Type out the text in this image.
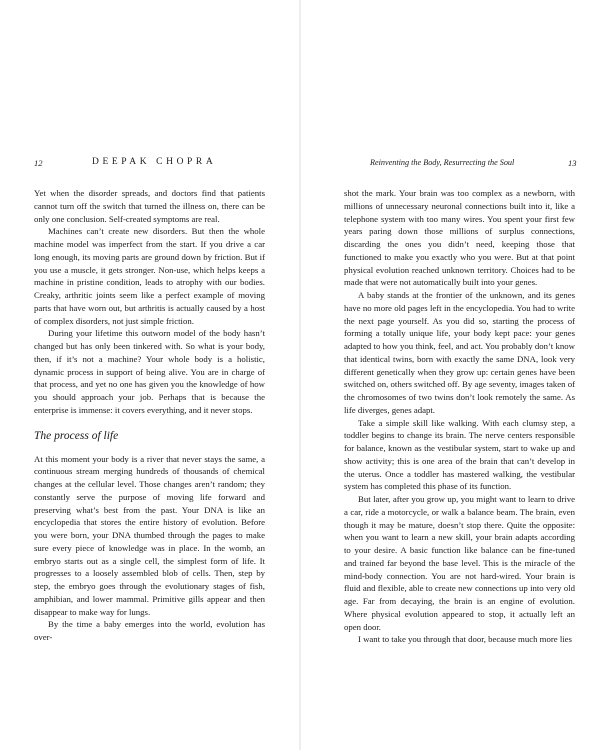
12	DEEPAK CHOPRA

Yet when the disorder spreads, and doctors find that patients cannot turn off the switch that turned the illness on, there can be only one conclusion. Self-created symptoms are real.

Machines can’t create new disorders. But then the whole machine model was imperfect from the start. If you drive a car long enough, its moving parts are ground down by friction. But if you use a muscle, it gets stronger. Non-use, which helps keeps a machine in pristine condition, leads to atrophy with our bodies. Creaky, arthritic joints seem like a perfect example of moving parts that have worn out, but arthritis is actually caused by a host of complex disorders, not just simple friction.

During your lifetime this outworn model of the body hasn’t changed but has only been tinkered with. So what is your body, then, if it’s not a machine? Your whole body is a holistic, dynamic process in support of being alive. You are in charge of that process, and yet no one has given you the knowledge of how you should approach your job. Perhaps that is because the enterprise is immense: it covers everything, and it never stops.

The process of life

At this moment your body is a river that never stays the same, a continuous stream merging hundreds of thousands of chemical changes at the cellular level. Those changes aren’t random; they constantly serve the purpose of moving life forward and preserving what’s best from the past. Your DNA is like an encyclopedia that stores the entire history of evolution. Before you were born, your DNA thumbed through the pages to make sure every piece of knowledge was in place. In the womb, an embryo starts out as a single cell, the simplest form of life. It progresses to a loosely assembled blob of cells. Then, step by step, the embryo goes through the evolutionary stages of fish, amphibian, and lower mammal. Primitive gills appear and then disappear to make way for lungs.

By the time a baby emerges into the world, evolution has over-

Reinventing the Body, Resurrecting the Soul	13

shot the mark. Your brain was too complex as a newborn, with millions of unnecessary neuronal connections built into it, like a telephone system with too many wires. You spent your first few years paring down those millions of surplus connections, discarding the ones you didn’t need, keeping those that functioned to make you exactly who you were. But at that point physical evolution reached unknown territory. Choices had to be made that were not automatically built into your genes.

A baby stands at the frontier of the unknown, and its genes have no more old pages left in the encyclopedia. You had to write the next page yourself. As you did so, starting the process of forming a totally unique life, your body kept pace: your genes adapted to how you think, feel, and act. You probably don’t know that identical twins, born with exactly the same DNA, look very different genetically when they grow up: certain genes have been switched on, others switched off. By age seventy, images taken of the chromosomes of two twins don’t look remotely the same. As life diverges, genes adapt.

Take a simple skill like walking. With each clumsy step, a toddler begins to change its brain. The nerve centers responsible for balance, known as the vestibular system, start to wake up and show activity; this is one area of the brain that can’t develop in the uterus. Once a toddler has mastered walking, the vestibular system has completed this phase of its function.

But later, after you grow up, you might want to learn to drive a car, ride a motorcycle, or walk a balance beam. The brain, even though it may be mature, doesn’t stop there. Quite the opposite: when you want to learn a new skill, your brain adapts according to your desire. A basic function like balance can be fine-tuned and trained far beyond the base level. This is the miracle of the mind-body connection. You are not hard-wired. Your brain is fluid and flexible, able to create new connections up into very old age. Far from decaying, the brain is an engine of evolution. Where physical evolution appeared to stop, it actually left an open door.

I want to take you through that door, because much more lies
